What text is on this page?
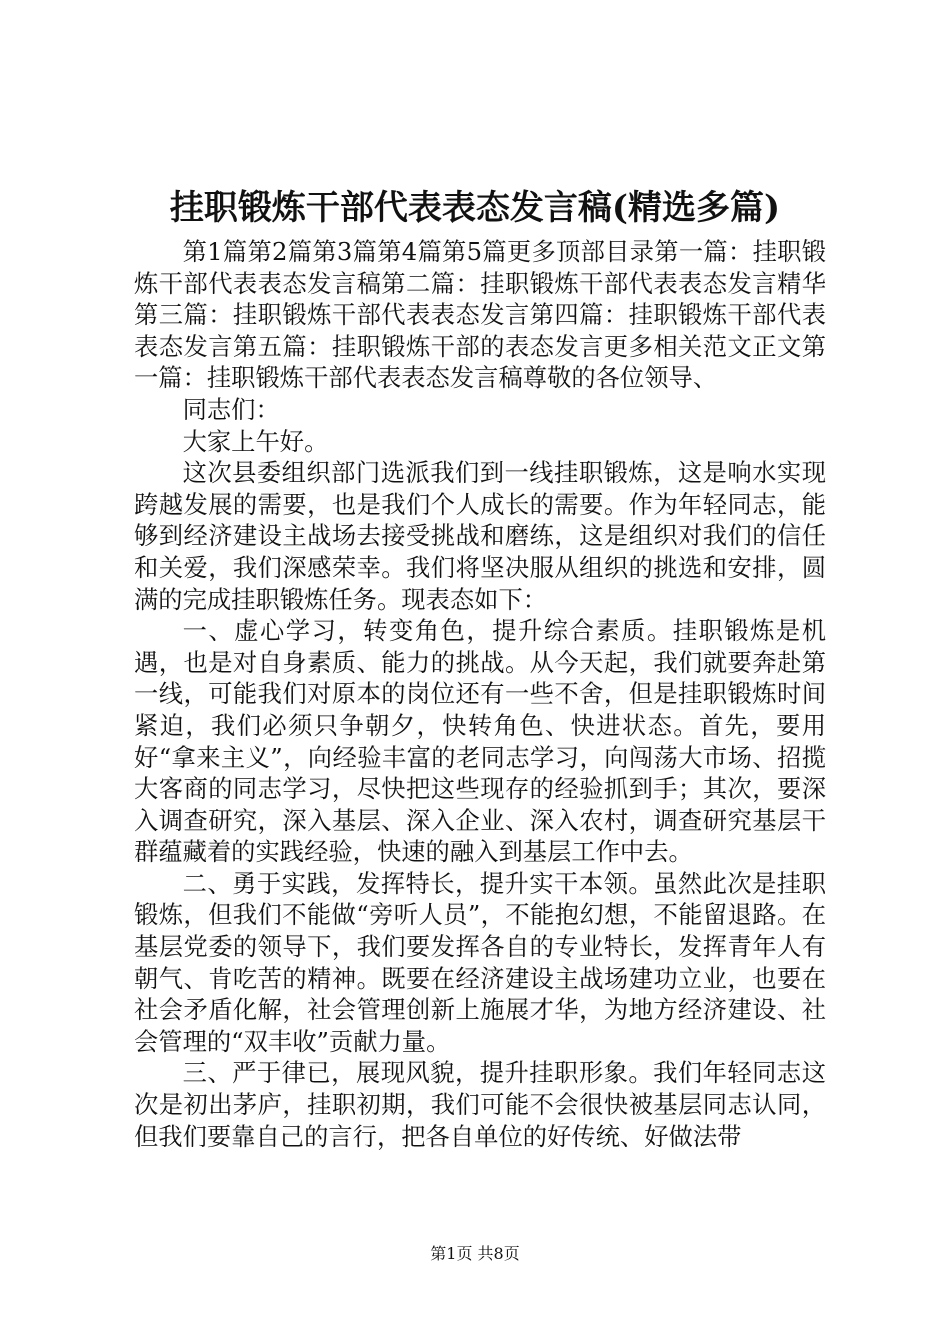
挂职锻炼干部代表表态发言稿(精选多篇)

第1篇第2篇第3篇第4篇第5篇更多顶部目录第一篇：挂职锻炼干部代表表态发言稿第二篇：挂职锻炼干部代表表态发言精华第三篇：挂职锻炼干部代表表态发言第四篇：挂职锻炼干部代表表态发言第五篇：挂职锻炼干部的表态发言更多相关范文正文第一篇：挂职锻炼干部代表表态发言稿尊敬的各位领导、

同志们：

大家上午好。

这次县委组织部门选派我们到一线挂职锻炼，这是响水实现跨越发展的需要，也是我们个人成长的需要。作为年轻同志，能够到经济建设主战场去接受挑战和磨练，这是组织对我们的信任和关爱，我们深感荣幸。我们将坚决服从组织的挑选和安排，圆满的完成挂职锻炼任务。现表态如下：

一、虚心学习，转变角色，提升综合素质。挂职锻炼是机遇，也是对自身素质、能力的挑战。从今天起，我们就要奔赴第一线，可能我们对原本的岗位还有一些不舍，但是挂职锻炼时间紧迫，我们必须只争朝夕，快转角色、快进状态。首先，要用好“拿来主义”，向经验丰富的老同志学习，向闯荡大市场、招揽大客商的同志学习，尽快把这些现存的经验抓到手；其次，要深入调查研究，深入基层、深入企业、深入农村，调查研究基层干群蕴藏着的实践经验，快速的融入到基层工作中去。

二、勇于实践，发挥特长，提升实干本领。虽然此次是挂职锻炼，但我们不能做“旁听人员”，不能抱幻想，不能留退路。在基层党委的领导下，我们要发挥各自的专业特长，发挥青年人有朝气、肯吃苦的精神。既要在经济建设主战场建功立业，也要在社会矛盾化解，社会管理创新上施展才华，为地方经济建设、社会管理的“双丰收”贡献力量。

三、严于律已，展现风貌，提升挂职形象。我们年轻同志这次是初出茅庐，挂职初期，我们可能不会很快被基层同志认同，但我们要靠自己的言行，把各自单位的好传统、好做法带

第1页 共8页
